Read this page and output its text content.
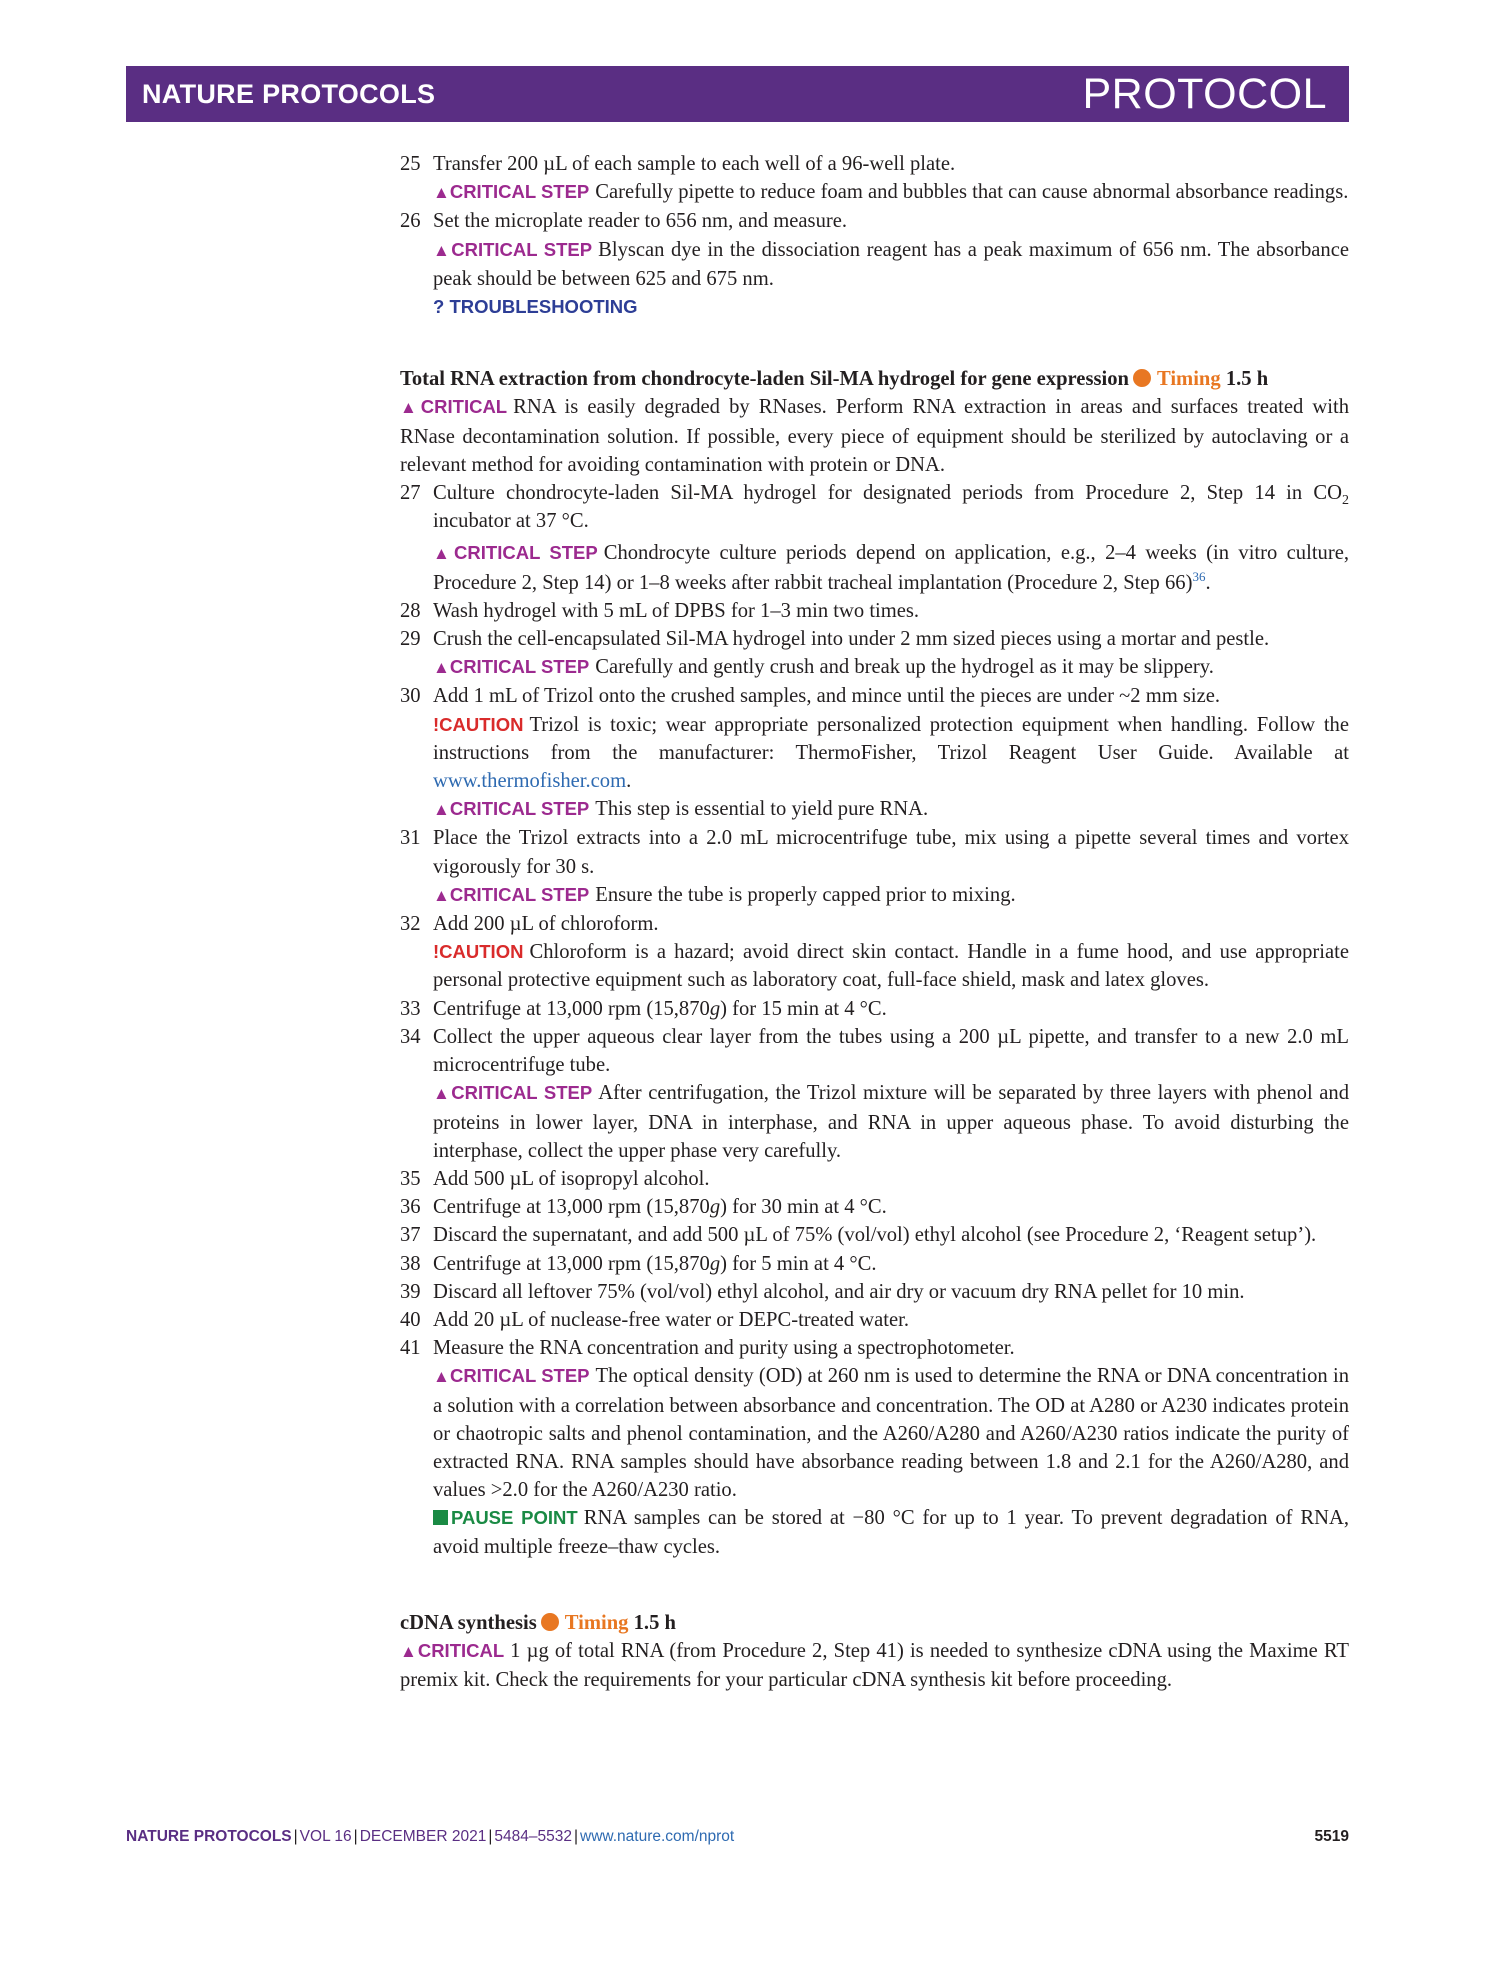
NATURE PROTOCOLS	PROTOCOL

25 Transfer 200 µL of each sample to each well of a 96-well plate.

▲CRITICAL STEP Carefully pipette to reduce foam and bubbles that can cause abnormal absorbance readings.

26 Set the microplate reader to 656 nm, and measure.

▲CRITICAL STEP Blyscan dye in the dissociation reagent has a peak maximum of 656 nm. The absorbance peak should be between 625 and 675 nm.

? TROUBLESHOOTING

Total RNA extraction from chondrocyte-laden Sil-MA hydrogel for gene expression Timing 1.5 h

▲CRITICAL RNA is easily degraded by RNases. Perform RNA extraction in areas and surfaces treated with RNase decontamination solution. If possible, every piece of equipment should be sterilized by autoclaving or a relevant method for avoiding contamination with protein or DNA.

27 Culture chondrocyte-laden Sil-MA hydrogel for designated periods from Procedure 2, Step 14 in $CO_2$ incubator at 37 °C.

▲CRITICAL STEP Chondrocyte culture periods depend on application, e.g., 2–4 weeks (in vitro culture, Procedure 2, Step 14) or 1–8 weeks after rabbit tracheal implantation (Procedure 2, Step 66)$^{36}$.

28 Wash hydrogel with 5 mL of DPBS for 1–3 min two times.

29 Crush the cell-encapsulated Sil-MA hydrogel into under 2 mm sized pieces using a mortar and pestle.

▲CRITICAL STEP Carefully and gently crush and break up the hydrogel as it may be slippery.

30 Add 1 mL of Trizol onto the crushed samples, and mince until the pieces are under ~2 mm size.

!CAUTION Trizol is toxic; wear appropriate personalized protection equipment when handling. Follow the instructions from the manufacturer: ThermoFisher, Trizol Reagent User Guide. Available at www.thermofisher.com.

▲CRITICAL STEP This step is essential to yield pure RNA.

31 Place the Trizol extracts into a 2.0 mL microcentrifuge tube, mix using a pipette several times and vortex vigorously for 30 s.

▲CRITICAL STEP Ensure the tube is properly capped prior to mixing.

32 Add 200 µL of chloroform.

!CAUTION Chloroform is a hazard; avoid direct skin contact. Handle in a fume hood, and use appropriate personal protective equipment such as laboratory coat, full-face shield, mask and latex gloves.

33 Centrifuge at 13,000 rpm (15,870g) for 15 min at 4 °C.

34 Collect the upper aqueous clear layer from the tubes using a 200 µL pipette, and transfer to a new 2.0 mL microcentrifuge tube.

▲CRITICAL STEP After centrifugation, the Trizol mixture will be separated by three layers with phenol and proteins in lower layer, DNA in interphase, and RNA in upper aqueous phase. To avoid disturbing the interphase, collect the upper phase very carefully.

35 Add 500 µL of isopropyl alcohol.

36 Centrifuge at 13,000 rpm (15,870g) for 30 min at 4 °C.

37 Discard the supernatant, and add 500 µL of 75% (vol/vol) ethyl alcohol (see Procedure 2, ‘Reagent setup’).

38 Centrifuge at 13,000 rpm (15,870g) for 5 min at 4 °C.

39 Discard all leftover 75% (vol/vol) ethyl alcohol, and air dry or vacuum dry RNA pellet for 10 min.

40 Add 20 µL of nuclease-free water or DEPC-treated water.

41 Measure the RNA concentration and purity using a spectrophotometer.

▲CRITICAL STEP The optical density (OD) at 260 nm is used to determine the RNA or DNA concentration in a solution with a correlation between absorbance and concentration. The OD at A280 or A230 indicates protein or chaotropic salts and phenol contamination, and the A260/A280 and A260/A230 ratios indicate the purity of extracted RNA. RNA samples should have absorbance reading between 1.8 and 2.1 for the A260/A280, and values >2.0 for the A260/A230 ratio.

PAUSE POINT RNA samples can be stored at −80 °C for up to 1 year. To prevent degradation of RNA, avoid multiple freeze–thaw cycles.

cDNA synthesis Timing 1.5 h

▲CRITICAL 1 µg of total RNA (from Procedure 2, Step 41) is needed to synthesize cDNA using the Maxime RT premix kit. Check the requirements for your particular cDNA synthesis kit before proceeding.

NATURE PROTOCOLS | VOL 16 | DECEMBER 2021 | 5484–5532 | www.nature.com/nprot	5519
